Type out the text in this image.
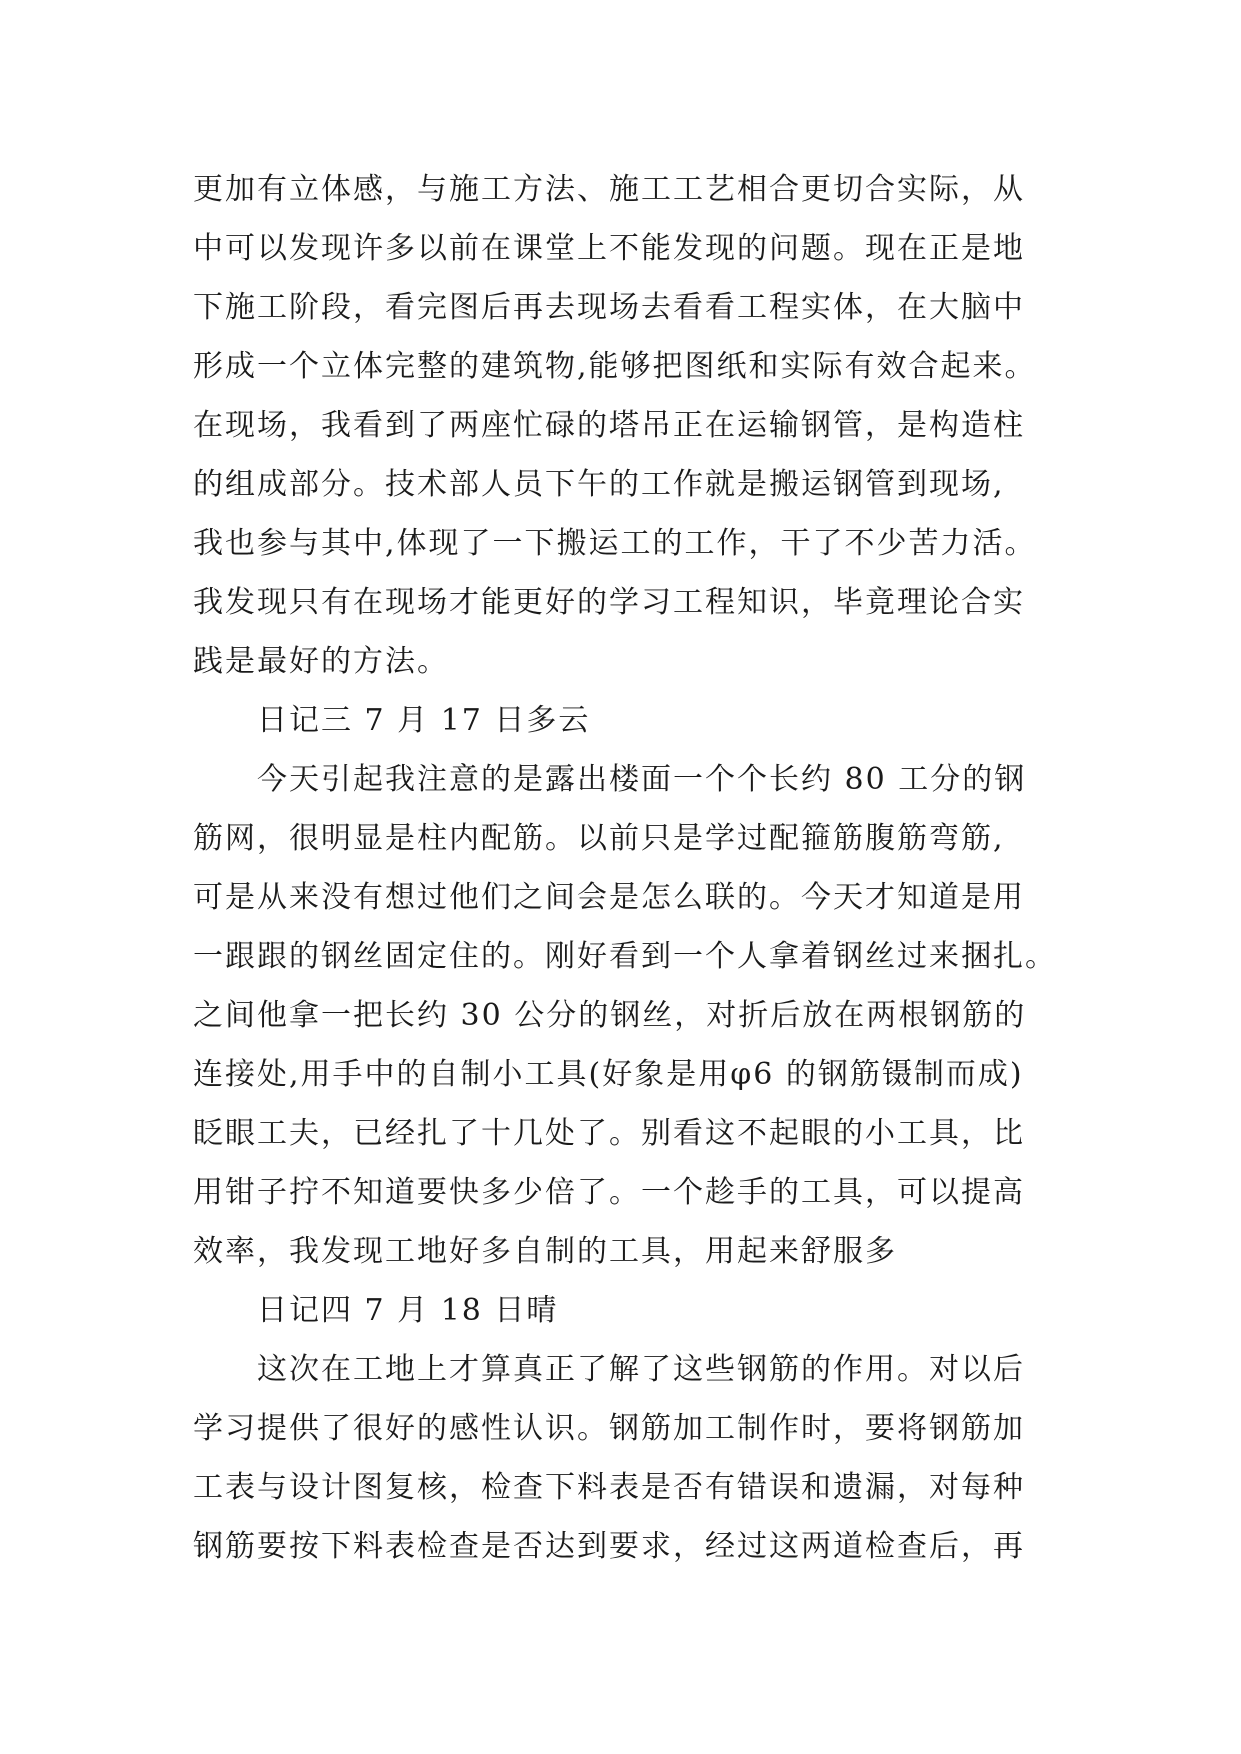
更加有立体感，与施工方法、施工工艺相合更切合实际，从
中可以发现许多以前在课堂上不能发现的问题。现在正是地
下施工阶段，看完图后再去现场去看看工程实体，在大脑中
形成一个立体完整的建筑物,能够把图纸和实际有效合起来。
在现场，我看到了两座忙碌的塔吊正在运输钢管，是构造柱
的组成部分。技术部人员下午的工作就是搬运钢管到现场,
我也参与其中,体现了一下搬运工的工作，干了不少苦力活。
我发现只有在现场才能更好的学习工程知识，毕竟理论合实
践是最好的方法。
日记三 7 月 17 日多云
今天引起我注意的是露出楼面一个个长约 80 工分的钢
筋网，很明显是柱内配筋。以前只是学过配箍筋腹筋弯筋,
可是从来没有想过他们之间会是怎么联的。今天才知道是用
一跟跟的钢丝固定住的。刚好看到一个人拿着钢丝过来捆扎。
之间他拿一把长约 30 公分的钢丝，对折后放在两根钢筋的
连接处,用手中的自制小工具(好象是用φ6 的钢筋镊制而成)
眨眼工夫，已经扎了十几处了。别看这不起眼的小工具，比
用钳子拧不知道要快多少倍了。一个趁手的工具，可以提高
效率，我发现工地好多自制的工具，用起来舒服多
日记四 7 月 18 日晴
这次在工地上才算真正了解了这些钢筋的作用。对以后
学习提供了很好的感性认识。钢筋加工制作时，要将钢筋加
工表与设计图复核，检查下料表是否有错误和遗漏，对每种
钢筋要按下料表检查是否达到要求，经过这两道检查后，再
